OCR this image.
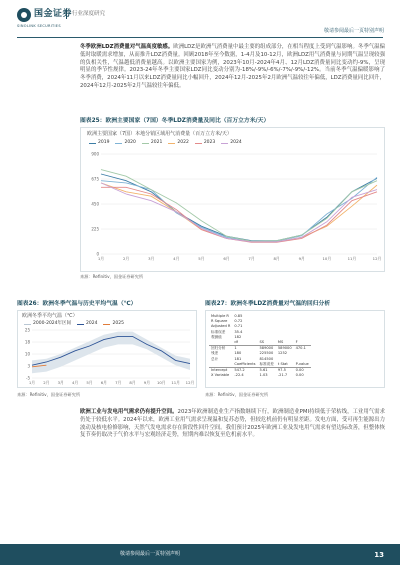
国金证券
SINOLINK SECURITIES
行业深度研究
敬请参阅最后一页特别声明
冬季欧洲LDZ消费量对气温高度敏感。欧洲LDZ是欧洲气消费量中最主要的组成部分，在相当程度上受到气温影响。冬季气温偏低时取暖需求增加，从而推升LDZ消费量。回顾2018年至今数据，1-4月及10-12月，欧洲LDZ用气消费量与同期气温呈现较强的负相关性，气温越低消费量越高。以欧洲主要国家为例，2023年10月-2024年4月、12月LDZ消费量同比变动约-9%，呈现明显的季节性规律。2023-24年冬季主要国家LDZ同比变动分别为-18%/-9%/-6%/-7%/-9%/-12%。当前冬季气温偏暖影响了冬季消费，2024年11月以来LDZ消费量同比小幅回升，2024年12月-2025年2月欧洲气温较往年偏低，LDZ消费量同比回升，2024年12月-2025年2月气温较往年偏低。
图表25：欧洲主要国家（7国）冬季LDZ消费量及同比（百万立方米/天）
欧洲主要国家（7国）本地分销区域用气消费量（百万立方米/天）
2019	2020	2021	2022	2023	2024
0
225
450
675
900
1月	2月	3月	4月	5月	6月	7月	8月	9月	10月	11月	12月
来源：Refinitiv，国金证券研究所
图表26：欧洲冬季气温与历史平均气温（℃）
欧洲冬季平均气温（℃）
2000-2024年区间	2024	2025
-5
3
10
18
25
1月 2月 3月 4月 5月 6月 7月 8月 9月 10月 11月 12月
来源：Refinitiv，国金证券研究所
图表27：欧洲冬季LDZ消费量对气温的回归分析
Multiple R	0.85			
R Square	0.72			
Adjusted R	0.71			
标准误差	35.4			
观测值	182			
	df	SS	MS	F
回归分析	1	589000	589000	470.1
残差	180	225500	1252	
总计	181	814500		
	Coefficients	标准误差	t Stat	P-value
Intercept	547.2	5.61	97.5	0.00
X Variable	-22.4	1.03	-21.7	0.00
来源：Refinitiv，国金证券研究所
欧洲工业与发电用气需求仍有提升空间。2023年欧洲制造业生产指数继续下行，欧洲制造业PMI持续低于荣枯线，工业用气需求仍处于较低水平。2024年以来，欧洲工业用气需求呈现温和复苏态势，但较危机前仍有明显差距。发电方面，受可再生能源出力波动及核电检修影响，天然气发电需求存在阶段性回升空间。我们预计2025年欧洲工业及发电用气需求有望边际改善，但整体恢复节奏仍取决于气价水平与宏观经济走势，短期内难以恢复至危机前水平。
敬请参阅最后一页特别声明	13
